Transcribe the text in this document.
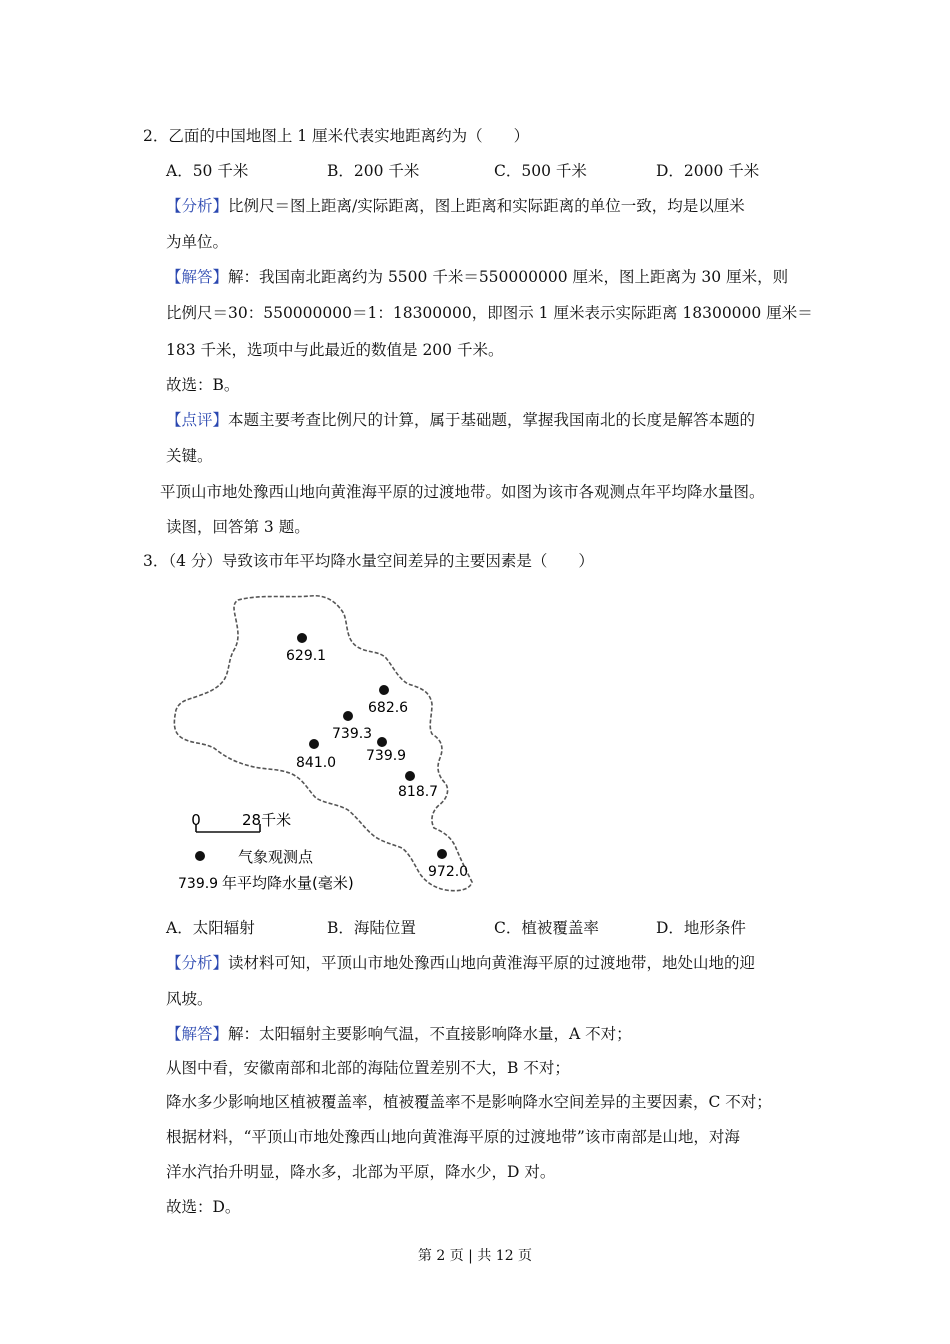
2．乙面的中国地图上 1 厘米代表实地距离约为（　　）
A．50 千米	B．200 千米	C．500 千米	D．2000 千米
【分析】比例尺＝图上距离/实际距离，图上距离和实际距离的单位一致，均是以厘米
为单位。
【解答】解：我国南北距离约为 5500 千米＝550000000 厘米，图上距离为 30 厘米，则
比例尺＝30：550000000＝1：18300000，即图示 1 厘米表示实际距离 18300000 厘米＝
183 千米，选项中与此最近的数值是 200 千米。
故选：B。
【点评】本题主要考查比例尺的计算，属于基础题，掌握我国南北的长度是解答本题的
关键。
平顶山市地处豫西山地向黄淮海平原的过渡地带。如图为该市各观测点年平均降水量图。
读图，回答第 3 题。
3．（4 分）导致该市年平均降水量空间差异的主要因素是（　　）
629.1
682.6
739.3
739.9
841.0
818.7
972.0
0	28千米
气象观测点
739.9 年平均降水量(毫米)
A．太阳辐射	B．海陆位置	C．植被覆盖率	D．地形条件
【分析】读材料可知，平顶山市地处豫西山地向黄淮海平原的过渡地带，地处山地的迎
风坡。
【解答】解：太阳辐射主要影响气温，不直接影响降水量，A 不对；
从图中看，安徽南部和北部的海陆位置差别不大，B 不对；
降水多少影响地区植被覆盖率，植被覆盖率不是影响降水空间差异的主要因素，C 不对；
根据材料，“平顶山市地处豫西山地向黄淮海平原的过渡地带”该市南部是山地，对海
洋水汽抬升明显，降水多，北部为平原，降水少，D 对。
故选：D。
第 2 页 | 共 12 页
